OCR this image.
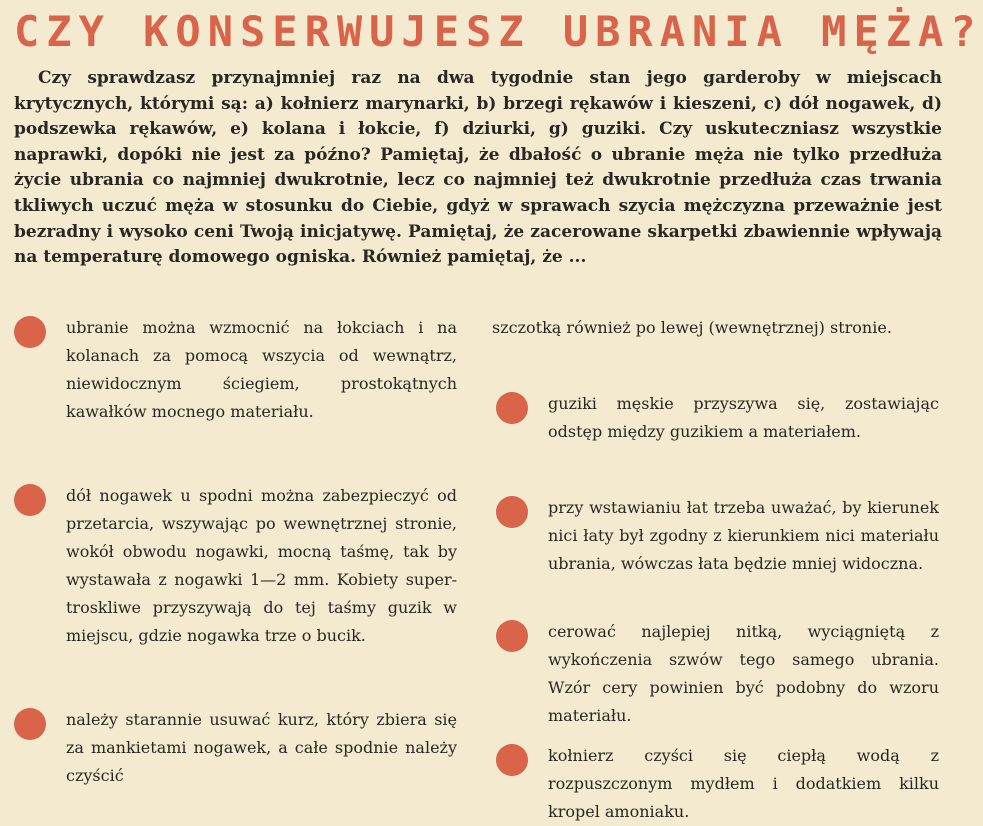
CZY KONSERWUJESZ UBRANIA MĘŻA?

Czy sprawdzasz przynajmniej raz na dwa tygodnie stan jego garderoby w miejscach krytycznych, którymi są: a) kołnierz marynarki, b) brzegi rękawów i kieszeni, c) dół nogawek, d) podszewka rękawów, e) kolana i łokcie, f) dziurki, g) guziki. Czy uskuteczniasz wszystkie naprawki, dopóki nie jest za późno? Pamiętaj, że dbałość o ubranie męża nie tylko przedłuża życie ubrania co najmniej dwukrotnie, lecz co najmniej też dwukrotnie przedłuża czas trwania tkliwych uczuć męża w stosunku do Ciebie, gdyż w sprawach szycia mężczyzna przeważnie jest bezradny i wysoko ceni Twoją inicjatywę. Pamiętaj, że zacerowane skarpetki zbawiennie wpływają na temperaturę domowego ogniska. Również pamiętaj, że ...

ubranie można wzmocnić na łokciach i na kolanach za pomocą wszycia od wewnątrz, niewidocznym ściegiem, prostokątnych kawałków mocnego materiału.
dół nogawek u spodni można zabezpieczyć od przetarcia, wszywając po wewnętrznej stronie, wokół obwodu nogawki, mocną taśmę, tak by wystawała z nogawki 1—2 mm. Kobiety super-troskliwe przyszywają do tej taśmy guzik w miejscu, gdzie nogawka trze o bucik.
należy starannie usuwać kurz, który zbiera się za mankietami nogawek, a całe spodnie należy czyścić
szczotką również po lewej (wewnętrznej) stronie.
guziki męskie przyszywa się, zostawiając odstęp między guzikiem a materiałem.
przy wstawianiu łat trzeba uważać, by kierunek nici łaty był zgodny z kierunkiem nici materiału ubrania, wówczas łata będzie mniej widoczna.
cerować najlepiej nitką, wyciągniętą z wykończenia szwów tego samego ubrania. Wzór cery powinien być podobny do wzoru materiału.
kołnierz czyści się ciepłą wodą z rozpuszczonym mydłem i dodatkiem kilku kropel amoniaku.
